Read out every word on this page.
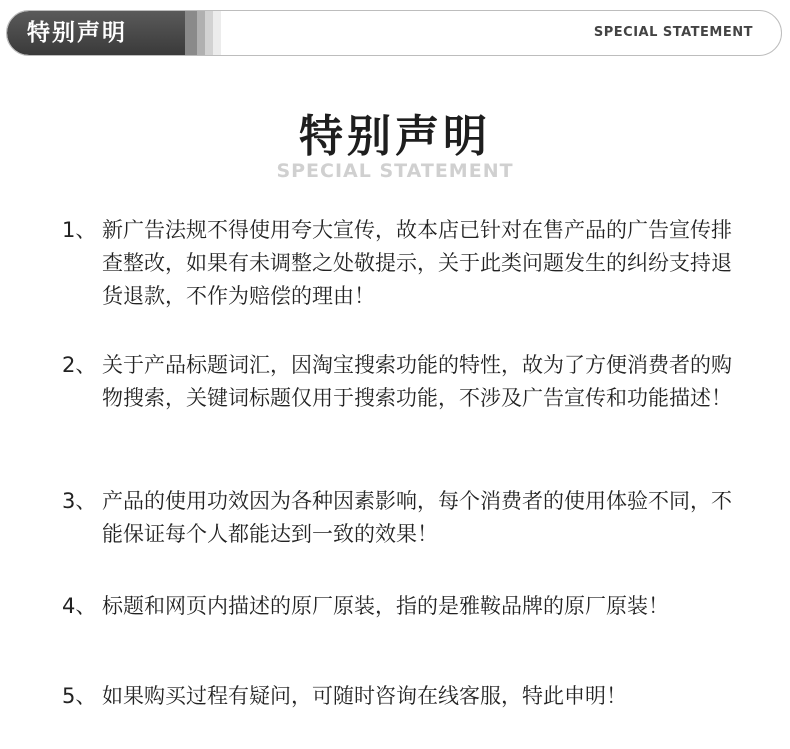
特别声明	SPECIAL STATEMENT
特别声明
SPECIAL STATEMENT
1、 新广告法规不得使用夸大宣传，故本店已针对在售产品的广告宣传排查整改，如果有未调整之处敬提示，关于此类问题发生的纠纷支持退货退款，不作为赔偿的理由！
2、 关于产品标题词汇，因淘宝搜索功能的特性，故为了方便消费者的购物搜索，关键词标题仅用于搜索功能，不涉及广告宣传和功能描述！
3、 产品的使用功效因为各种因素影响，每个消费者的使用体验不同，不能保证每个人都能达到一致的效果！
4、 标题和网页内描述的原厂原装，指的是雅鞍品牌的原厂原装！
5、 如果购买过程有疑问，可随时咨询在线客服，特此申明！
